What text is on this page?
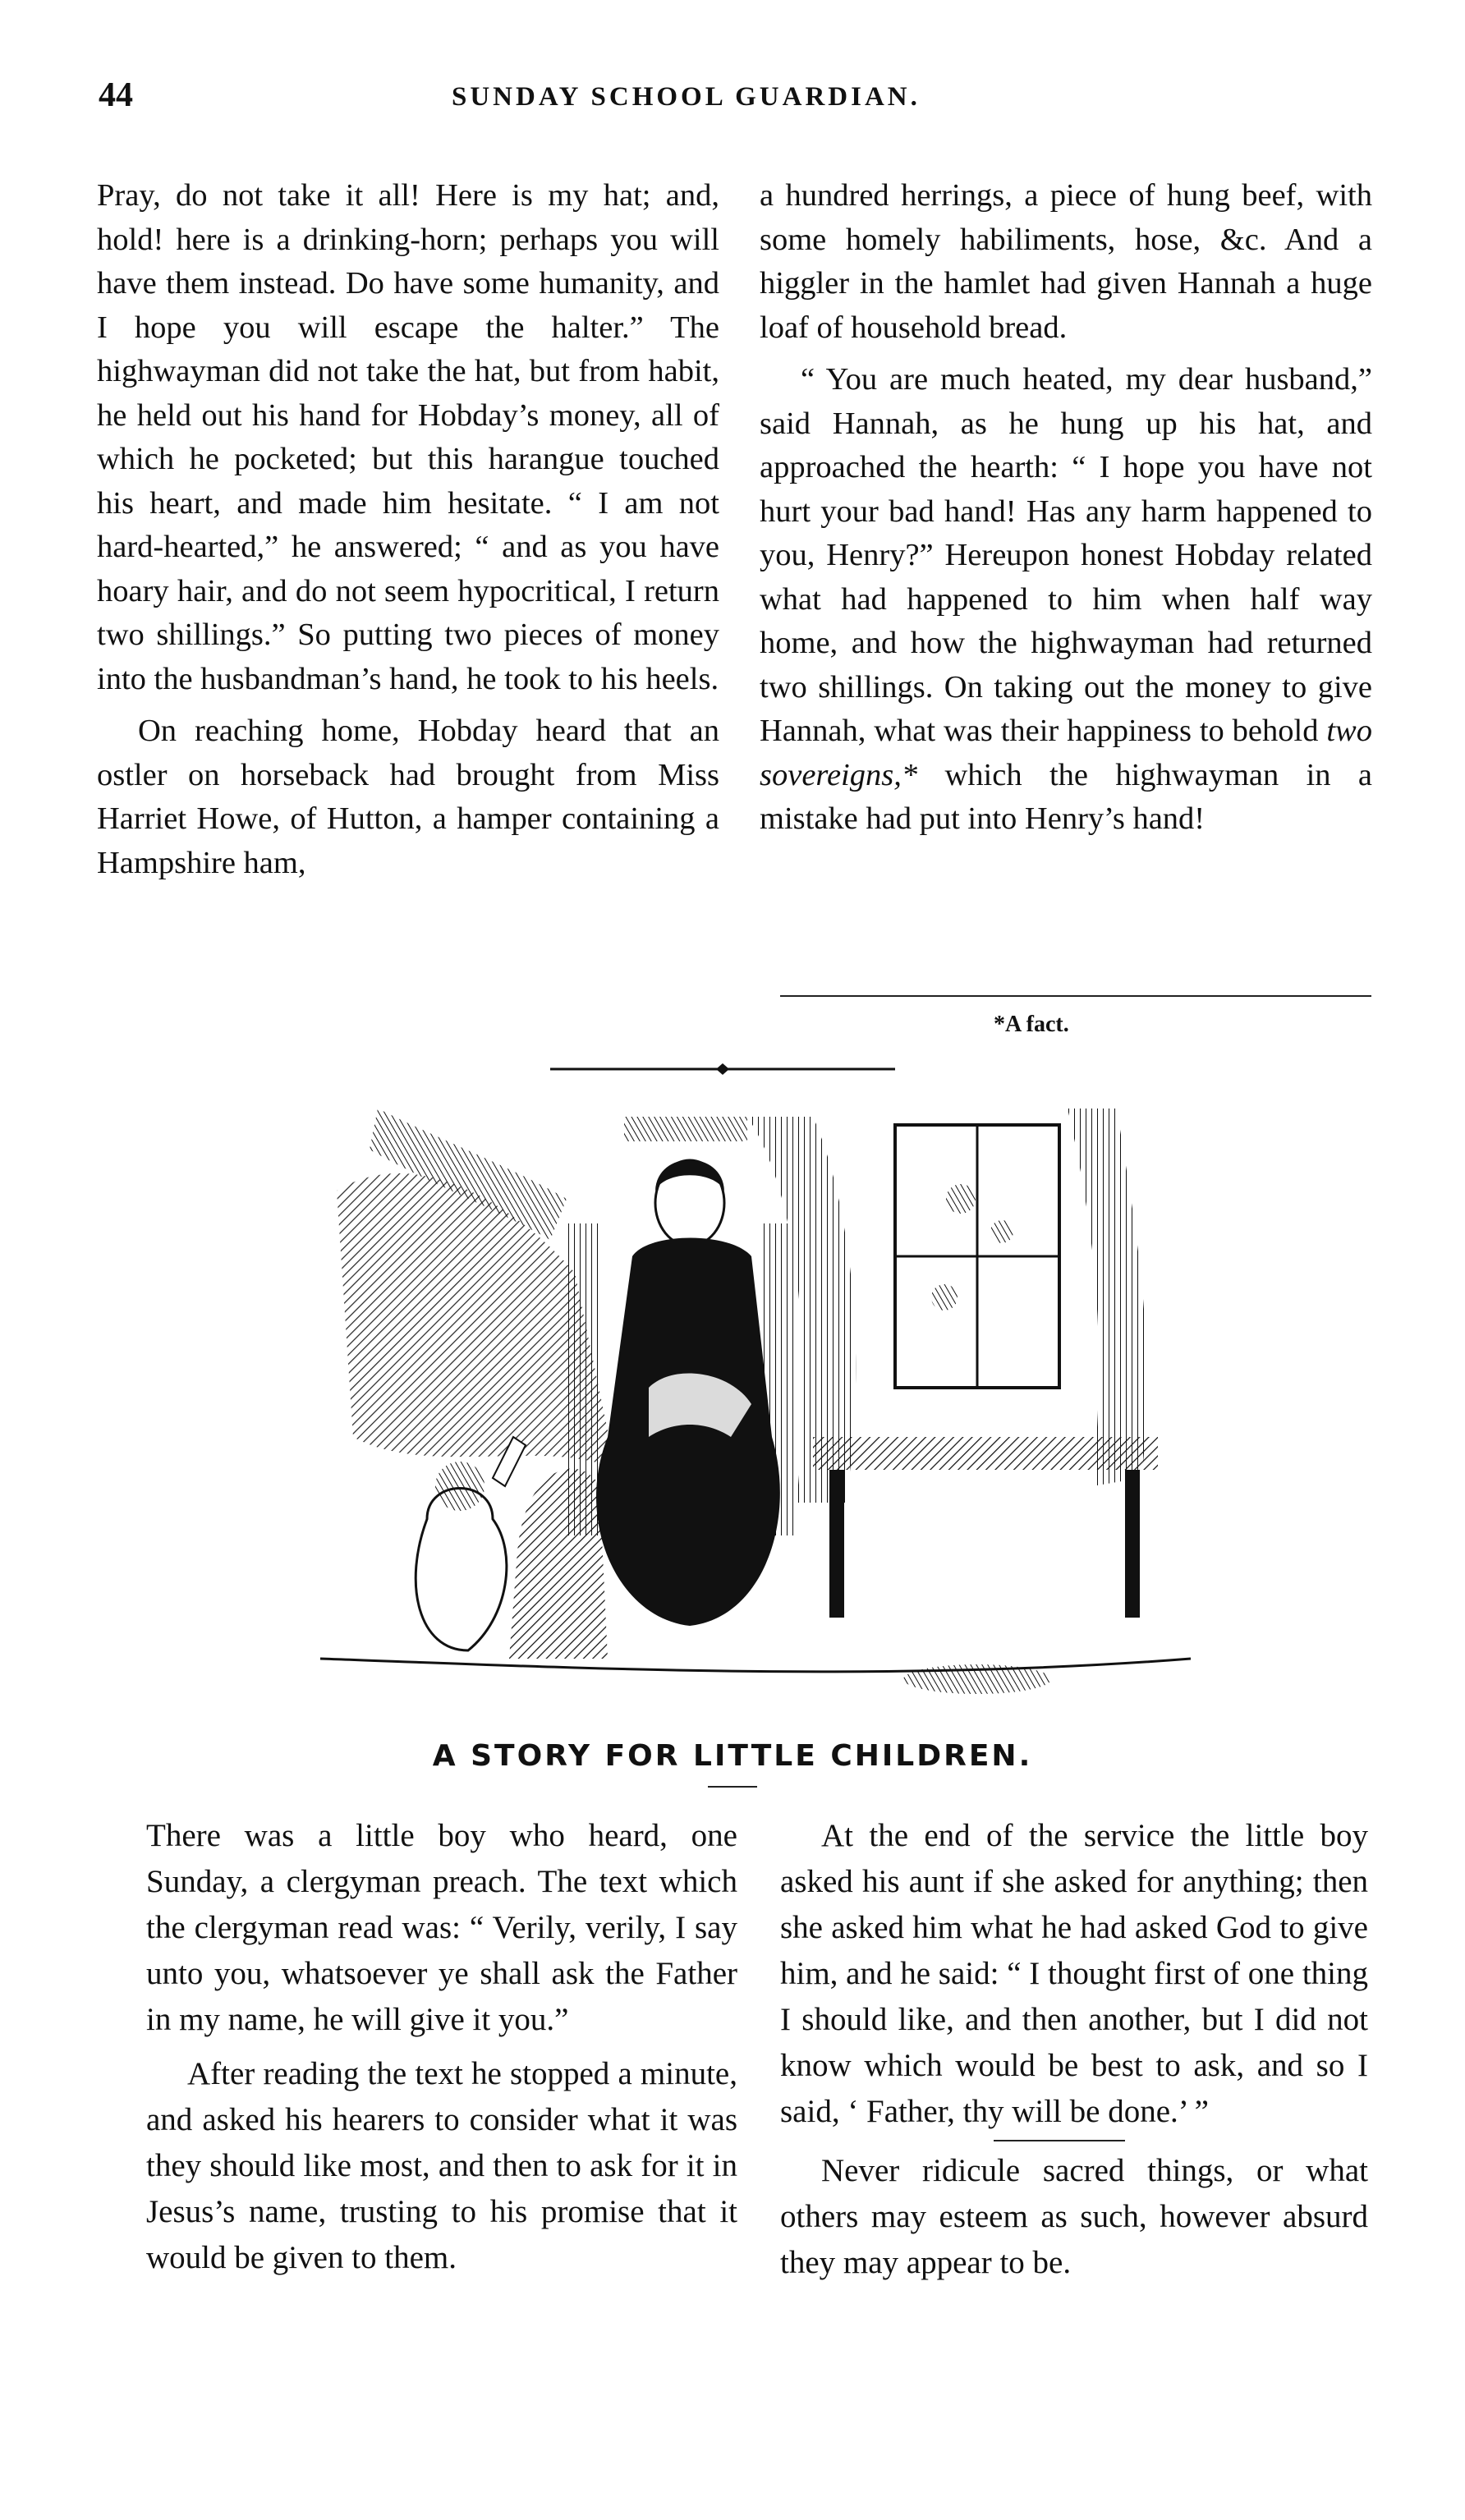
44	SUNDAY SCHOOL GUARDIAN.

Pray, do not take it all! Here is my hat; and, hold! here is a drinking-horn; perhaps you will have them instead. Do have some humanity, and I hope you will escape the halter.” The highwayman did not take the hat, but from habit, he held out his hand for Hobday’s money, all of which he pocketed; but this harangue touched his heart, and made him hesitate. “ I am not hard-hearted,” he answered; “ and as you have hoary hair, and do not seem hypocritical, I return two shillings.” So putting two pieces of money into the husbandman’s hand, he took to his heels.

On reaching home, Hobday heard that an ostler on horseback had brought from Miss Harriet Howe, of Hutton, a hamper containing a Hampshire ham,

a hundred herrings, a piece of hung beef, with some homely habiliments, hose, &c. And a higgler in the hamlet had given Hannah a huge loaf of household bread.

“ You are much heated, my dear husband,” said Hannah, as he hung up his hat, and approached the hearth: “ I hope you have not hurt your bad hand! Has any harm happened to you, Henry?” Hereupon honest Hobday related what had happened to him when half way home, and how the highwayman had returned two shillings. On taking out the money to give Hannah, what was their happiness to behold two sovereigns,* which the highwayman in a mistake had put into Henry’s hand!

*A fact.
A STORY FOR LITTLE CHILDREN.

There was a little boy who heard, one Sunday, a clergyman preach. The text which the clergyman read was: “ Verily, verily, I say unto you, whatsoever ye shall ask the Father in my name, he will give it you.”

After reading the text he stopped a minute, and asked his hearers to consider what it was they should like most, and then to ask for it in Jesus’s name, trusting to his promise that it would be given to them.

At the end of the service the little boy asked his aunt if she asked for anything; then she asked him what he had asked God to give him, and he said: “ I thought first of one thing I should like, and then another, but I did not know which would be best to ask, and so I said, ‘ Father, thy will be done.’ ”

Never ridicule sacred things, or what others may esteem as such, however absurd they may appear to be.
